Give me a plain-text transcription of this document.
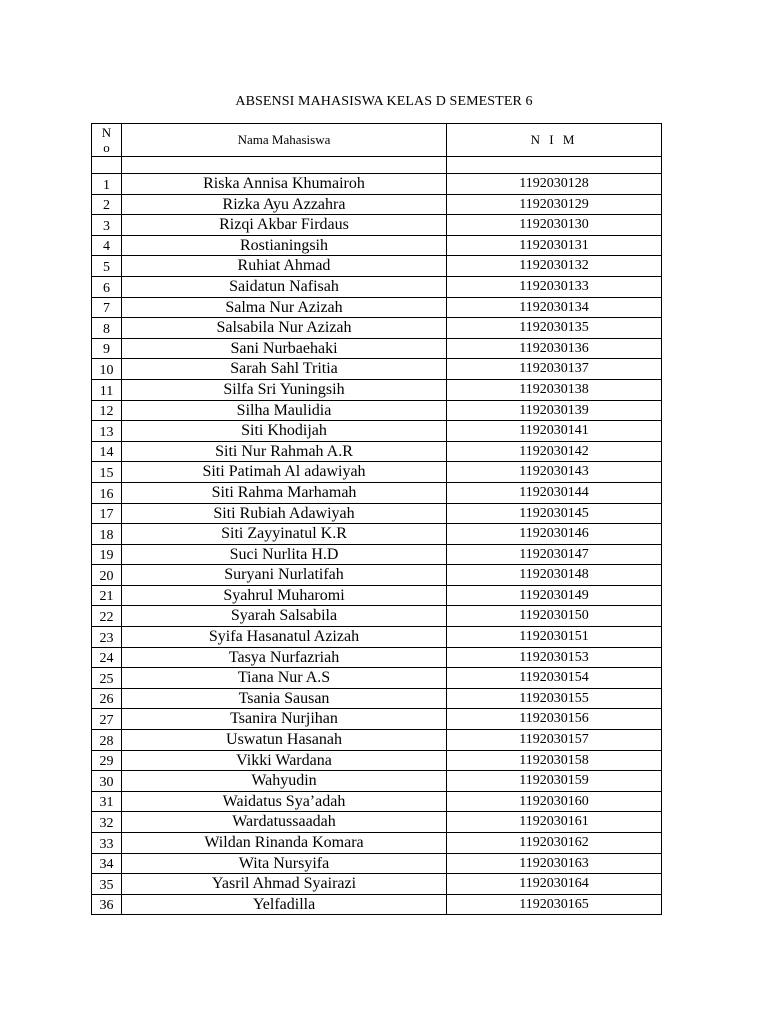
ABSENSI MAHASISWA KELAS D SEMESTER 6
N o	Nama Mahasiswa	N I M

1	Riska Annisa Khumairoh	1192030128
2	Rizka Ayu Azzahra	1192030129
3	Rizqi Akbar Firdaus	1192030130
4	Rostianingsih	1192030131
5	Ruhiat Ahmad	1192030132
6	Saidatun Nafisah	1192030133
7	Salma Nur Azizah	1192030134
8	Salsabila Nur Azizah	1192030135
9	Sani Nurbaehaki	1192030136
10	Sarah Sahl Tritia	1192030137
11	Silfa Sri Yuningsih	1192030138
12	Silha Maulidia	1192030139
13	Siti Khodijah	1192030141
14	Siti Nur Rahmah A.R	1192030142
15	Siti Patimah Al adawiyah	1192030143
16	Siti Rahma Marhamah	1192030144
17	Siti Rubiah Adawiyah	1192030145
18	Siti Zayyinatul K.R	1192030146
19	Suci Nurlita H.D	1192030147
20	Suryani Nurlatifah	1192030148
21	Syahrul Muharomi	1192030149
22	Syarah Salsabila	1192030150
23	Syifa Hasanatul Azizah	1192030151
24	Tasya Nurfazriah	1192030153
25	Tiana Nur A.S	1192030154
26	Tsania Sausan	1192030155
27	Tsanira Nurjihan	1192030156
28	Uswatun Hasanah	1192030157
29	Vikki Wardana	1192030158
30	Wahyudin	1192030159
31	Waidatus Sya’adah	1192030160
32	Wardatussaadah	1192030161
33	Wildan Rinanda Komara	1192030162
34	Wita Nursyifa	1192030163
35	Yasril Ahmad Syairazi	1192030164
36	Yelfadilla	1192030165
